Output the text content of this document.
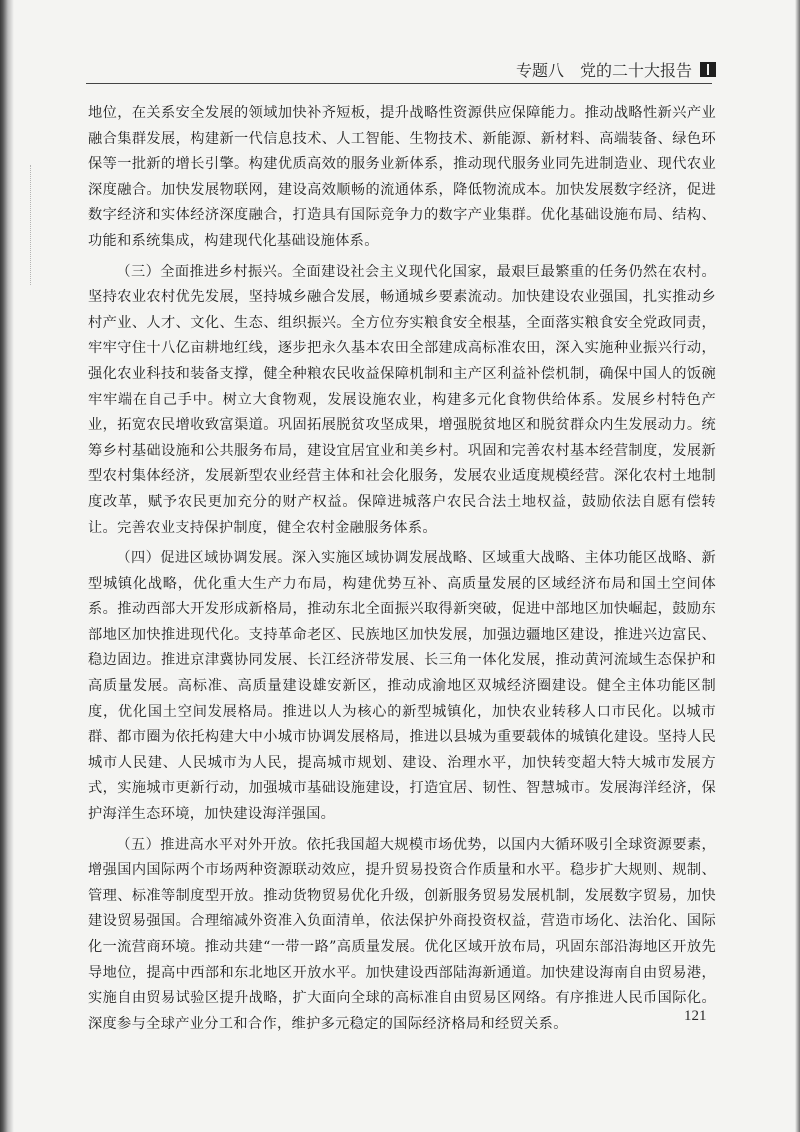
专题八　党的二十大报告

地位，在关系安全发展的领域加快补齐短板，提升战略性资源供应保障能力。推动战略性新兴产业融合集群发展，构建新一代信息技术、人工智能、生物技术、新能源、新材料、高端装备、绿色环保等一批新的增长引擎。构建优质高效的服务业新体系，推动现代服务业同先进制造业、现代农业深度融合。加快发展物联网，建设高效顺畅的流通体系，降低物流成本。加快发展数字经济，促进数字经济和实体经济深度融合，打造具有国际竞争力的数字产业集群。优化基础设施布局、结构、功能和系统集成，构建现代化基础设施体系。

（三）全面推进乡村振兴。全面建设社会主义现代化国家，最艰巨最繁重的任务仍然在农村。坚持农业农村优先发展，坚持城乡融合发展，畅通城乡要素流动。加快建设农业强国，扎实推动乡村产业、人才、文化、生态、组织振兴。全方位夯实粮食安全根基，全面落实粮食安全党政同责，牢牢守住十八亿亩耕地红线，逐步把永久基本农田全部建成高标准农田，深入实施种业振兴行动，强化农业科技和装备支撑，健全种粮农民收益保障机制和主产区利益补偿机制，确保中国人的饭碗牢牢端在自己手中。树立大食物观，发展设施农业，构建多元化食物供给体系。发展乡村特色产业，拓宽农民增收致富渠道。巩固拓展脱贫攻坚成果，增强脱贫地区和脱贫群众内生发展动力。统筹乡村基础设施和公共服务布局，建设宜居宜业和美乡村。巩固和完善农村基本经营制度，发展新型农村集体经济，发展新型农业经营主体和社会化服务，发展农业适度规模经营。深化农村土地制度改革，赋予农民更加充分的财产权益。保障进城落户农民合法土地权益，鼓励依法自愿有偿转让。完善农业支持保护制度，健全农村金融服务体系。

（四）促进区域协调发展。深入实施区域协调发展战略、区域重大战略、主体功能区战略、新型城镇化战略，优化重大生产力布局，构建优势互补、高质量发展的区域经济布局和国土空间体系。推动西部大开发形成新格局，推动东北全面振兴取得新突破，促进中部地区加快崛起，鼓励东部地区加快推进现代化。支持革命老区、民族地区加快发展，加强边疆地区建设，推进兴边富民、稳边固边。推进京津冀协同发展、长江经济带发展、长三角一体化发展，推动黄河流域生态保护和高质量发展。高标准、高质量建设雄安新区，推动成渝地区双城经济圈建设。健全主体功能区制度，优化国土空间发展格局。推进以人为核心的新型城镇化，加快农业转移人口市民化。以城市群、都市圈为依托构建大中小城市协调发展格局，推进以县城为重要载体的城镇化建设。坚持人民城市人民建、人民城市为人民，提高城市规划、建设、治理水平，加快转变超大特大城市发展方式，实施城市更新行动，加强城市基础设施建设，打造宜居、韧性、智慧城市。发展海洋经济，保护海洋生态环境，加快建设海洋强国。

（五）推进高水平对外开放。依托我国超大规模市场优势，以国内大循环吸引全球资源要素，增强国内国际两个市场两种资源联动效应，提升贸易投资合作质量和水平。稳步扩大规则、规制、管理、标准等制度型开放。推动货物贸易优化升级，创新服务贸易发展机制，发展数字贸易，加快建设贸易强国。合理缩减外资准入负面清单，依法保护外商投资权益，营造市场化、法治化、国际化一流营商环境。推动共建“一带一路”高质量发展。优化区域开放布局，巩固东部沿海地区开放先导地位，提高中西部和东北地区开放水平。加快建设西部陆海新通道。加快建设海南自由贸易港，实施自由贸易试验区提升战略，扩大面向全球的高标准自由贸易区网络。有序推进人民币国际化。深度参与全球产业分工和合作，维护多元稳定的国际经济格局和经贸关系。	121
